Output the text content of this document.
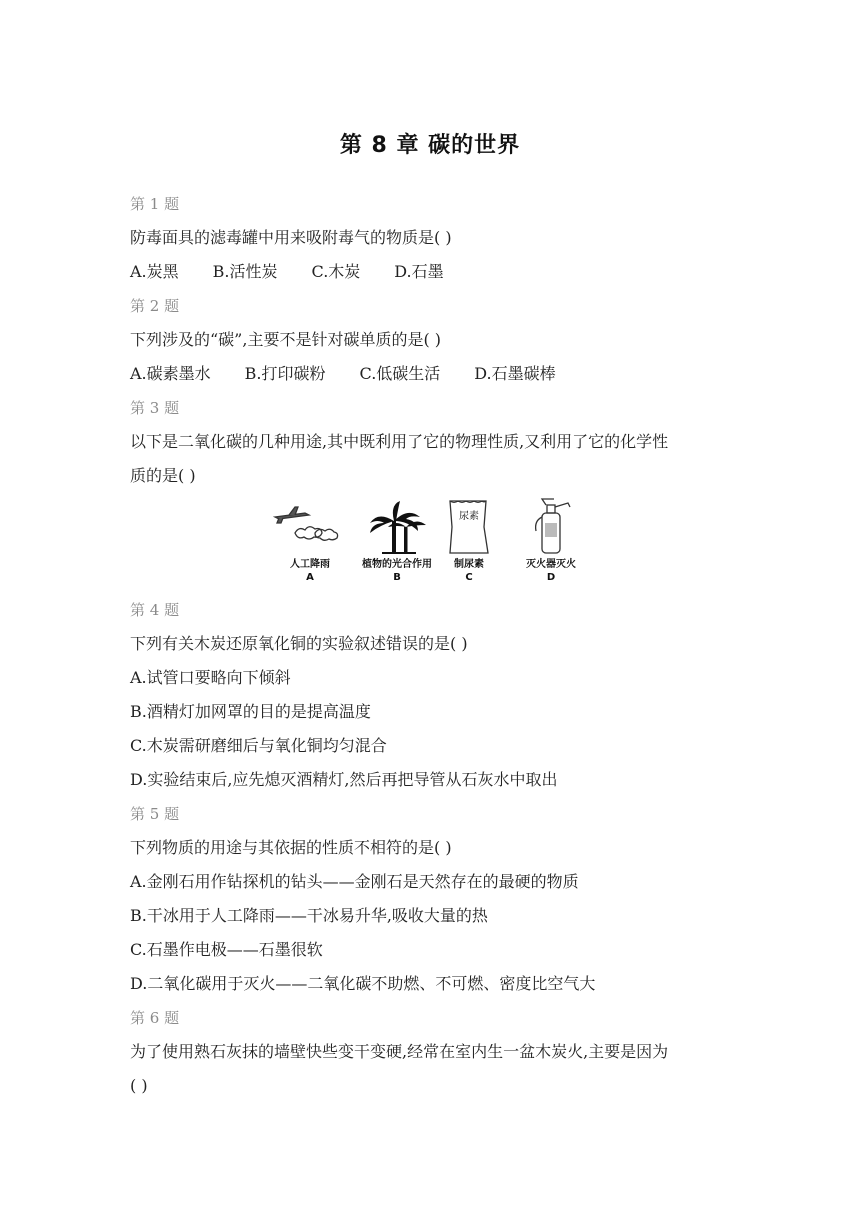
第 8 章 碳的世界
第 1 题
防毒面具的滤毒罐中用来吸附毒气的物质是( )
A.炭黑 B.活性炭 C.木炭 D.石墨
第 2 题
下列涉及的“碳”,主要不是针对碳单质的是( )
A.碳素墨水 B.打印碳粉 C.低碳生活 D.石墨碳棒
第 3 题
以下是二氧化碳的几种用途,其中既利用了它的物理性质,又利用了它的化学性
质的是( )
人工降雨
A
植物的光合作用
B
尿素
制尿素
C
灭火器灭火
D
第 4 题
下列有关木炭还原氧化铜的实验叙述错误的是( )
A.试管口要略向下倾斜
B.酒精灯加网罩的目的是提高温度
C.木炭需研磨细后与氧化铜均匀混合
D.实验结束后,应先熄灭酒精灯,然后再把导管从石灰水中取出
第 5 题
下列物质的用途与其依据的性质不相符的是( )
A.金刚石用作钻探机的钻头——金刚石是天然存在的最硬的物质
B.干冰用于人工降雨——干冰易升华,吸收大量的热
C.石墨作电极——石墨很软
D.二氧化碳用于灭火——二氧化碳不助燃、不可燃、密度比空气大
第 6 题
为了使用熟石灰抹的墙壁快些变干变硬,经常在室内生一盆木炭火,主要是因为
( )
